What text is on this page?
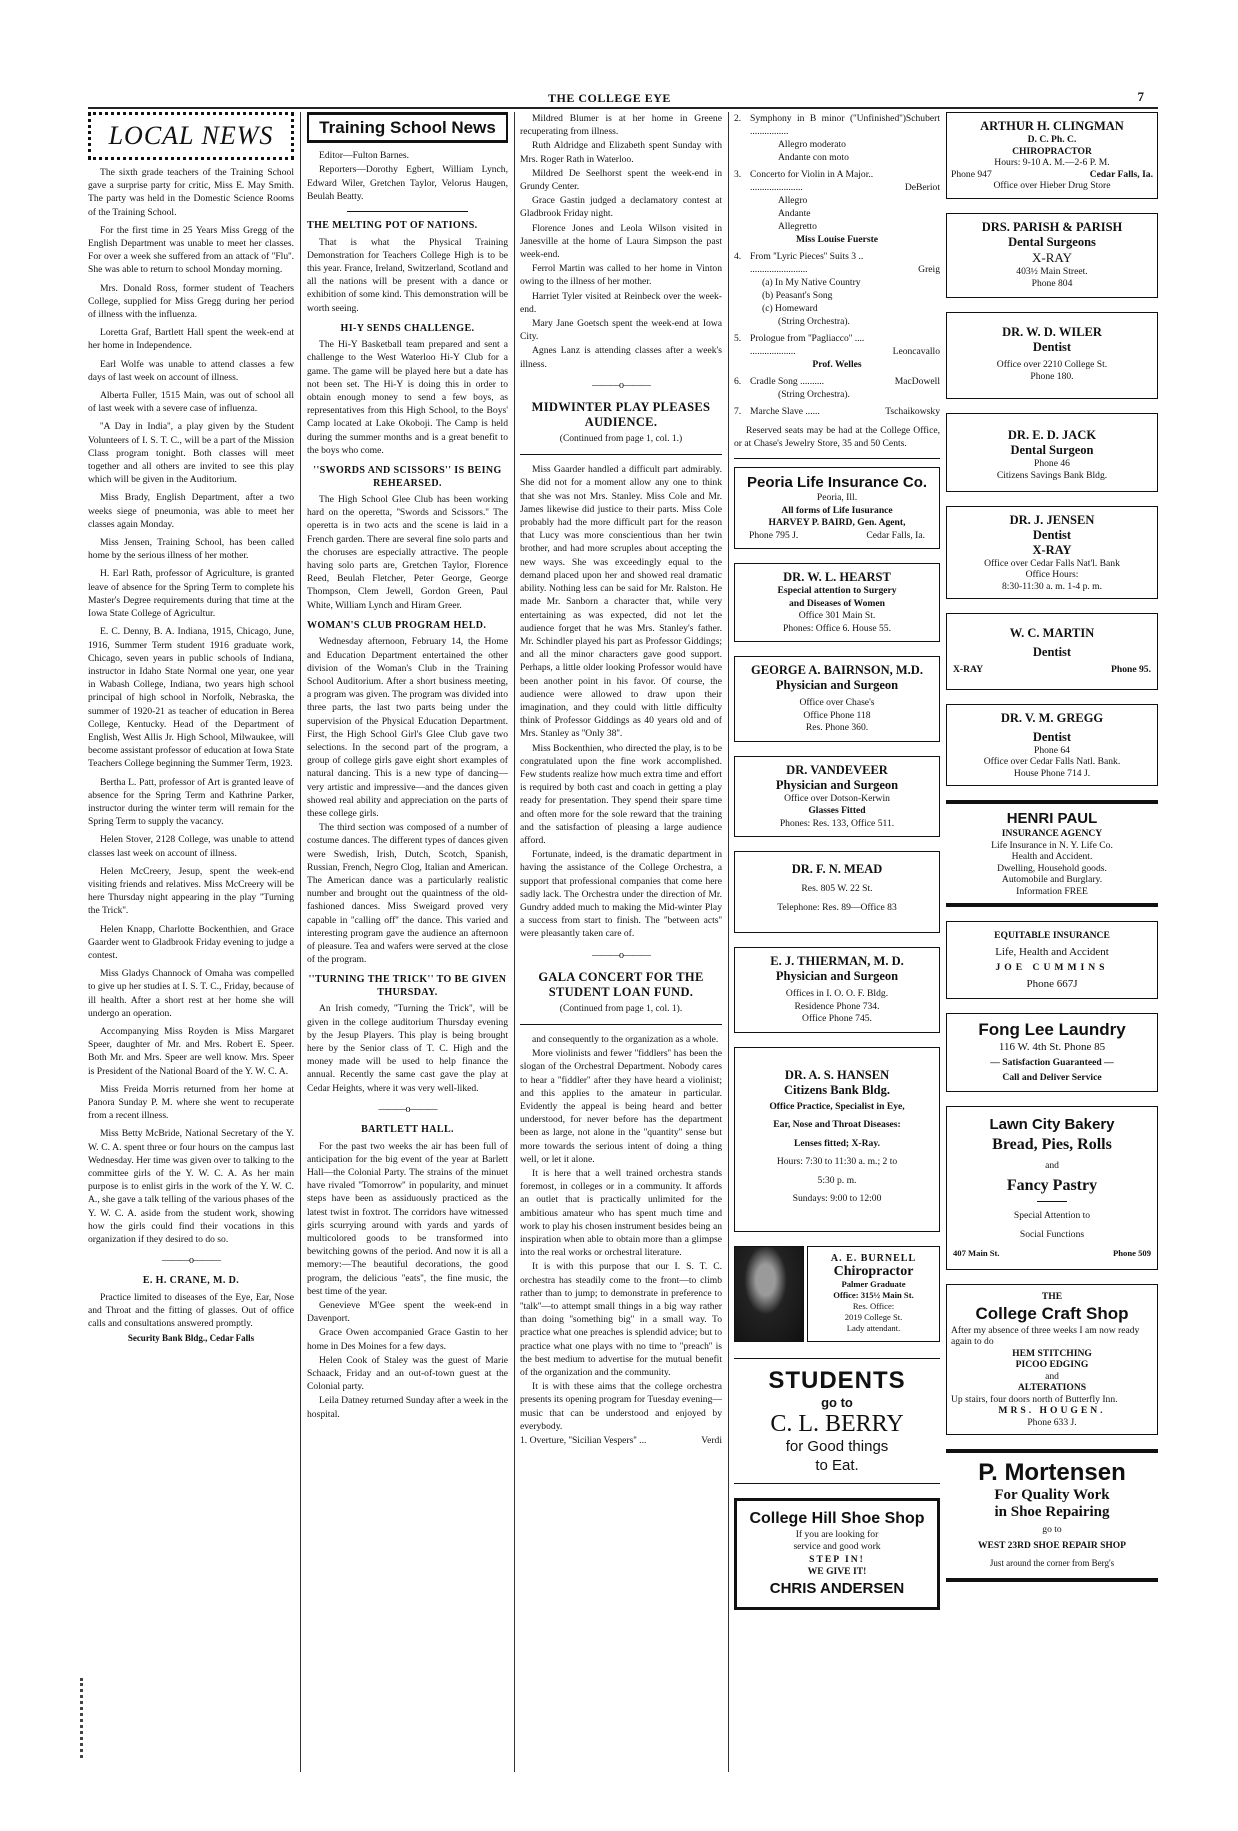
THE COLLEGE EYE	7
LOCAL NEWS

The sixth grade teachers of the Training School gave a surprise party for critic, Miss E. May Smith. The party was held in the Domestic Science Rooms of the Training School.

For the first time in 25 Years Miss Gregg of the English Department was unable to meet her classes. For over a week she suffered from an attack of ''Flu''. She was able to return to school Monday morning.

Mrs. Donald Ross, former student of Teachers College, supplied for Miss Gregg during her period of illness with the influenza.

Loretta Graf, Bartlett Hall spent the week-end at her home in Independence.

Earl Wolfe was unable to attend classes a few days of last week on account of illness.

Alberta Fuller, 1515 Main, was out of school all of last week with a severe case of influenza.

''A Day in India'', a play given by the Student Volunteers of I. S. T. C., will be a part of the Mission Class program tonight. Both classes will meet together and all others are invited to see this play which will be given in the Auditorium.

Miss Brady, English Department, after a two weeks siege of pneumonia, was able to meet her classes again Monday.

Miss Jensen, Training School, has been called home by the serious illness of her mother.

H. Earl Rath, professor of Agriculture, is granted leave of absence for the Spring Term to complete his Master's Degree requirements during that time at the Iowa State College of Agricultur.

E. C. Denny, B. A. Indiana, 1915, Chicago, June, 1916, Summer Term student 1916 graduate work, Chicago, seven years in public schools of Indiana, instructor in Idaho State Normal one year, one year in Wabash College, Indiana, two years high school principal of high school in Norfolk, Nebraska, the summer of 1920-21 as teacher of education in Berea College, Kentucky. Head of the Department of English, West Allis Jr. High School, Milwaukee, will become assistant professor of education at Iowa State Teachers College beginning the Summer Term, 1923.

Bertha L. Patt, professor of Art is granted leave of absence for the Spring Term and Kathrine Parker, instructor during the winter term will remain for the Spring Term to supply the vacancy.

Helen Stover, 2128 College, was unable to attend classes last week on account of illness.

Helen McCreery, Jesup, spent the week-end visiting friends and relatives. Miss McCreery will be here Thursday night appearing in the play ''Turning the Trick''.

Helen Knapp, Charlotte Bockenthien, and Grace Gaarder went to Gladbrook Friday evening to judge a contest.

Miss Gladys Channock of Omaha was compelled to give up her studies at I. S. T. C., Friday, because of ill health. After a short rest at her home she will undergo an operation.

Accompanying Miss Royden is Miss Margaret Speer, daughter of Mr. and Mrs. Robert E. Speer. Both Mr. and Mrs. Speer are well know. Mrs. Speer is President of the National Board of the Y. W. C. A.

Miss Freida Morris returned from her home at Panora Sunday P. M. where she went to recuperate from a recent illness.

Miss Betty McBride, National Secretary of the Y. W. C. A. spent three or four hours on the campus last Wednesday. Her time was given over to talking to the committee girls of the Y. W. C. A. As her main purpose is to enlist girls in the work of the Y. W. C. A., she gave a talk telling of the various phases of the Y. W. C. A. aside from the student work, showing how the girls could find their vocations in this organization if they desired to do so.

———o———
E. H. CRANE, M. D.

Practice limited to diseases of the Eye, Ear, Nose and Throat and the fitting of glasses. Out of office calls and consultations answered promptly.

Security Bank Bldg., Cedar Falls
Training School News

Editor—Fulton Barnes.

Reporters—Dorothy Egbert, William Lynch, Edward Wiler, Gretchen Taylor, Velorus Haugen, Beulah Beatty.

THE MELTING POT OF NATIONS.

That is what the Physical Training Demonstration for Teachers College High is to be this year. France, Ireland, Switzerland, Scotland and all the nations will be present with a dance or exhibition of some kind. This demonstration will be worth seeing.

HI-Y SENDS CHALLENGE.

The Hi-Y Basketball team prepared and sent a challenge to the West Waterloo Hi-Y Club for a game. The game will be played here but a date has not been set. The Hi-Y is doing this in order to obtain enough money to send a few boys, as representatives from this High School, to the Boys' Camp located at Lake Okoboji. The Camp is held during the summer months and is a great benefit to the boys who come.

''SWORDS AND SCISSORS'' IS BEING REHEARSED.

The High School Glee Club has been working hard on the operetta, ''Swords and Scissors.'' The operetta is in two acts and the scene is laid in a French garden. There are several fine solo parts and the choruses are especially attractive. The people having solo parts are, Gretchen Taylor, Florence Reed, Beulah Fletcher, Peter George, George Thompson, Clem Jewell, Gordon Green, Paul White, William Lynch and Hiram Greer.

WOMAN'S CLUB PROGRAM HELD.

Wednesday afternoon, February 14, the Home and Education Department entertained the other division of the Woman's Club in the Training School Auditorium. After a short business meeting, a program was given. The program was divided into three parts, the last two parts being under the supervision of the Physical Education Department. First, the High School Girl's Glee Club gave two selections. In the second part of the program, a group of college girls gave eight short examples of natural dancing. This is a new type of dancing—very artistic and impressive—and the dances given showed real ability and appreciation on the parts of these college girls.

The third section was composed of a number of costume dances. The different types of dances given were Swedish, Irish, Dutch, Scotch, Spanish, Russian, French, Negro Clog, Italian and American. The American dance was a particularly realistic number and brought out the quaintness of the old-fashioned dances. Miss Sweigard proved very capable in ''calling off'' the dance. This varied and interesting program gave the audience an afternoon of pleasure. Tea and wafers were served at the close of the program.

''TURNING THE TRICK'' TO BE GIVEN THURSDAY.

An Irish comedy, ''Turning the Trick'', will be given in the college auditorium Thursday evening by the Jesup Players. This play is being brought here by the Senior class of T. C. High and the money made will be used to help finance the annual. Recently the same cast gave the play at Cedar Heights, where it was very well-liked.

———o———
BARTLETT HALL.

For the past two weeks the air has been full of anticipation for the big event of the year at Barlett Hall—the Colonial Party. The strains of the minuet have rivaled ''Tomorrow'' in popularity, and minuet steps have been as assiduously practiced as the latest twist in foxtrot. The corridors have witnessed girls scurrying around with yards and yards of multicolored goods to be transformed into bewitching gowns of the period. And now it is all a memory:—The beautiful decorations, the good program, the delicious ''eats'', the fine music, the best time of the year.

Genevieve M'Gee spent the week-end in Davenport.

Grace Owen accompanied Grace Gastin to her home in Des Moines for a few days.

Helen Cook of Staley was the guest of Marie Schaack, Friday and an out-of-town guest at the Colonial party.

Leila Datney returned Sunday after a week in the hospital.

Mildred Blumer is at her home in Greene recuperating from illness.

Ruth Aldridge and Elizabeth spent Sunday with Mrs. Roger Rath in Waterloo.

Mildred De Seelhorst spent the week-end in Grundy Center.

Grace Gastin judged a declamatory contest at Gladbrook Friday night.

Florence Jones and Leola Wilson visited in Janesville at the home of Laura Simpson the past week-end.

Ferrol Martin was called to her home in Vinton owing to the illness of her mother.

Harriet Tyler visited at Reinbeck over the week-end.

Mary Jane Goetsch spent the week-end at Iowa City.

Agnes Lanz is attending classes after a week's illness.

———o———
MIDWINTER PLAY PLEASES AUDIENCE.
(Continued from page 1, col. 1.)

Miss Gaarder handled a difficult part admirably. She did not for a moment allow any one to think that she was not Mrs. Stanley. Miss Cole and Mr. James likewise did justice to their parts. Miss Cole probably had the more difficult part for the reason that Lucy was more conscientious than her twin brother, and had more scruples about accepting the new ways. She was exceedingly equal to the demand placed upon her and showed real dramatic ability. Nothing less can be said for Mr. Ralston. He made Mr. Sanborn a character that, while very entertaining as was expected, did not let the audience forget that he was Mrs. Stanley's father. Mr. Schindler played his part as Professor Giddings; and all the minor characters gave good support. Perhaps, a little older looking Professor would have been another point in his favor. Of course, the audience were allowed to draw upon their imagination, and they could with little difficulty think of Professor Giddings as 40 years old and of Mrs. Stanley as ''Only 38''.

Miss Bockenthien, who directed the play, is to be congratulated upon the fine work accomplished. Few students realize how much extra time and effort is required by both cast and coach in getting a play ready for presentation. They spend their spare time and often more for the sole reward that the training and the satisfaction of pleasing a large audience afford.

Fortunate, indeed, is the dramatic department in having the assistance of the College Orchestra, a support that professional companies that come here sadly lack. The Orchestra under the direction of Mr. Gundry added much to making the Mid-winter Play a success from start to finish. The ''between acts'' were pleasantly taken care of.

———o———
GALA CONCERT FOR THE STUDENT LOAN FUND.
(Continued from page 1, col. 1).

and consequently to the organization as a whole.

More violinists and fewer ''fiddlers'' has been the slogan of the Orchestral Department. Nobody cares to hear a ''fiddler'' after they have heard a violinist; and this applies to the amateur in particular. Evidently the appeal is being heard and better understood, for never before has the department been as large, not alone in the ''quantity'' sense but more towards the serious intent of doing a thing well, or let it alone.

It is here that a well trained orchestra stands foremost, in colleges or in a community. It affords an outlet that is practically unlimited for the ambitious amateur who has spent much time and work to play his chosen instrument besides being an inspiration when able to obtain more than a glimpse into the real works or orchestral literature.

It is with this purpose that our I. S. T. C. orchestra has steadily come to the front—to climb rather than to jump; to demonstrate in preference to ''talk''—to attempt small things in a big way rather than doing ''something big'' in a small way. To practice what one preaches is splendid advice; but to practice what one plays with no time to ''preach'' is the best medium to advertise for the mutual benefit of the organization and the community.

It is with these aims that the college orchestra presents its opening program for Tuesday evening—music that can be understood and enjoyed by everybody.

1. Overture, ''Sicilian Vespers'' ...	Verdi
2. Symphony in B minor (''Unfinished'') ................
Schubert
Allegro moderato
Andante con moto
3. Concerto for Violin in A Major..
......................	DeBeriot
Allegro
Andante
Allegretto
Miss Louise Fuerste
4. From ''Lyric Pieces'' Suits 3 ..
........................	Greig
(a) In My Native Country
(b) Peasant's Song
(c) Homeward
(String Orchestra).
5. Prologue from ''Pagliacco'' ....
...................	Leoncavallo
Prof. Welles
6. Cradle Song ..........	MacDowell
(String Orchestra).
7. Marche Slave ......	Tschaikowsky

Reserved seats may be had at the College Office, or at Chase's Jewelry Store, 35 and 50 Cents.

Peoria Life Insurance Co.
Peoria, Ill.
All forms of Life Iusurance
HARVEY P. BAIRD, Gen. Agent,
Phone 795 J.	Cedar Falls, Ia.
DR. W. L. HEARST
Especial attention to Surgery
and Diseases of Women
Office 301 Main St.
Phones: Office 6. House 55.
GEORGE A. BAIRNSON, M.D.
Physician and Surgeon
Office over Chase's
Office Phone 118
Res. Phone 360.
DR. VANDEVEER
Physician and Surgeon
Office over Dotson-Kerwin
Glasses Fitted
Phones: Res. 133, Office 511.
DR. F. N. MEAD
Res. 805 W. 22 St.
Telephone: Res. 89—Office 83
E. J. THIERMAN, M. D.
Physician and Surgeon
Offices in I. O. O. F. Bldg.
Residence Phone 734.
Office Phone 745.
DR. A. S. HANSEN
Citizens Bank Bldg.
Office Practice, Specialist in Eye,
Ear, Nose and Throat Diseases:
Lenses fitted; X-Ray.
Hours: 7:30 to 11:30 a. m.; 2 to
5:30 p. m.
Sundays: 9:00 to 12:00
A. E. BURNELL
Chiropractor
Palmer Graduate
Office: 315½ Main St.
Res. Office:
2019 College St.
Lady attendant.
STUDENTS
go to
C. L. BERRY
for Good things
to Eat.
College Hill Shoe Shop
If you are looking for
service and good work
STEP IN!
WE GIVE IT!
CHRIS ANDERSEN
ARTHUR H. CLINGMAN
D. C. Ph. C.
CHIROPRACTOR
Hours: 9-10 A. M.—2-6 P. M.
Phone 947	Cedar Falls, Ia.
Office over Hieber Drug Store
DRS. PARISH & PARISH
Dental Surgeons
X-RAY
403½ Main Street.
Phone 804
DR. W. D. WILER
Dentist
Office over 2210 College St.
Phone 180.
DR. E. D. JACK
Dental Surgeon
Phone 46
Citizens Savings Bank Bldg.
DR. J. JENSEN
Dentist
X-RAY
Office over Cedar Falls Nat'l. Bank
Office Hours:
8:30-11:30 a. m. 1-4 p. m.
W. C. MARTIN
Dentist
X-RAY	Phone 95.
DR. V. M. GREGG
Dentist
Phone 64
Office over Cedar Falls Natl. Bank.
House Phone 714 J.
HENRI PAUL
INSURANCE AGENCY
Life Insurance in N. Y. Life Co.
Health and Accident.
Dwelling, Household goods.
Automobile and Burglary.
Information FREE
EQUITABLE INSURANCE
Life, Health and Accident
JOE CUMMINS
Phone 667J
Fong Lee Laundry
116 W. 4th St. Phone 85
— Satisfaction Guaranteed —
Call and Deliver Service
Lawn City Bakery
Bread, Pies, Rolls
and
Fancy Pastry
Special Attention to
Social Functions
407 Main St.	Phone 509
THE
College Craft Shop
After my absence of three weeks I am now ready again to do
HEM STITCHING
PICOO EDGING
and
ALTERATIONS
Up stairs, four doors north of Butterfly Inn.
MRS. HOUGEN.
Phone 633 J.
P. Mortensen
For Quality Work
in Shoe Repairing
go to
WEST 23RD SHOE REPAIR SHOP
Just around the corner from Berg's
